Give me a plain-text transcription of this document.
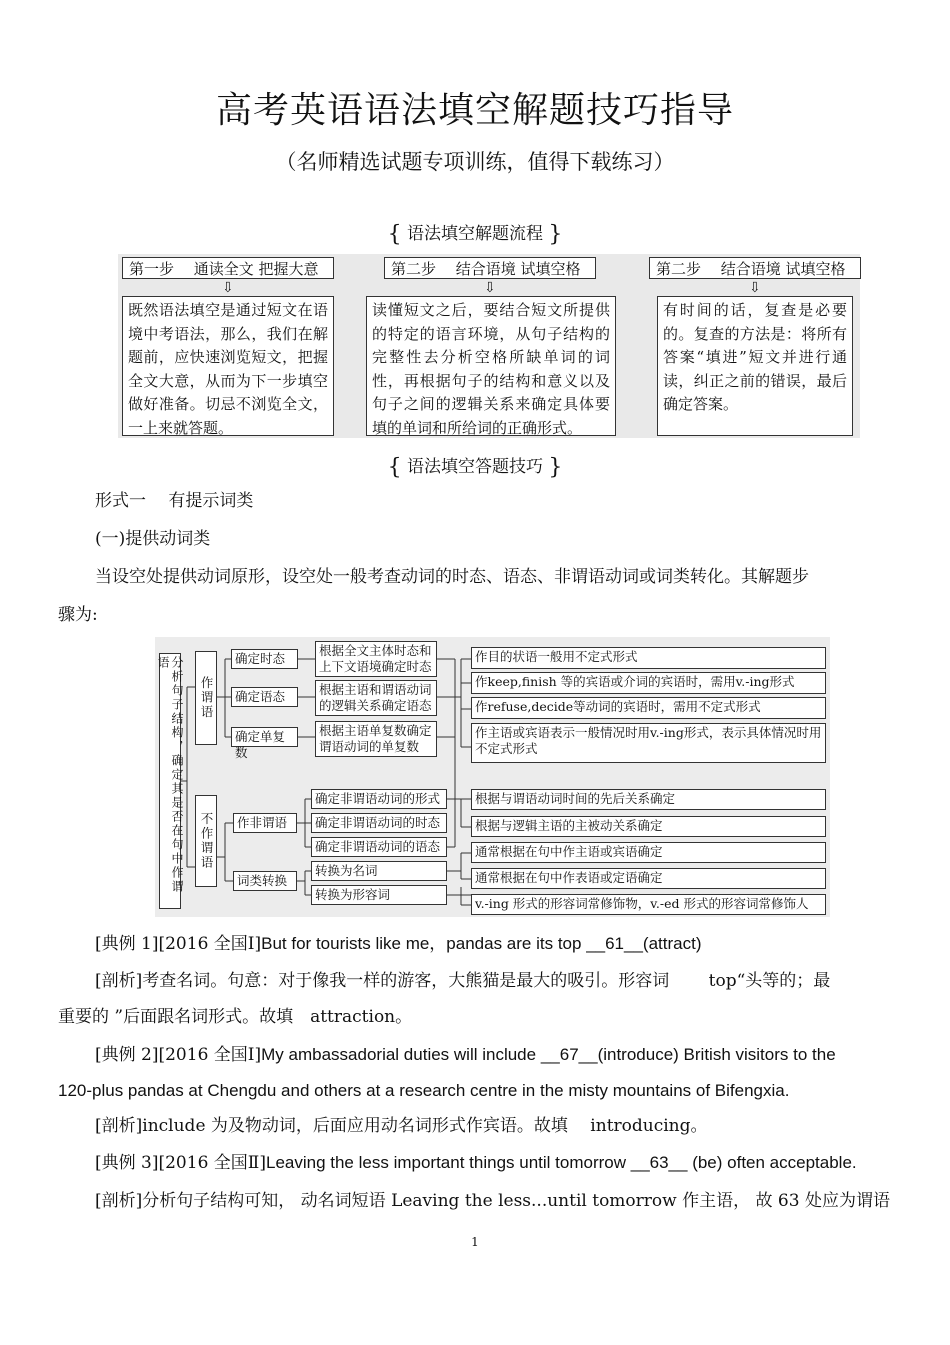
高考英语语法填空解题技巧指导
（名师精选试题专项训练，值得下载练习）
{ 语法填空解题流程 }
第一步　 通读全文 把握大意
⇩
既然语法填空是通过短文在语境中考语法，那么，我们在解题前，应快速浏览短文，把握全文大意，从而为下一步填空做好准备。切忌不浏览全文，一上来就答题。
第二步　 结合语境 试填空格
⇩
读懂短文之后，要结合短文所提供的特定的语言环境，从句子结构的完整性去分析空格所缺单词的词性，再根据句子的结构和意义以及句子之间的逻辑关系来确定具体要填的单词和所给词的正确形式。
第二步　 结合语境 试填空格
⇩
有时间的话，复查是必要的。复查的方法是：将所有答案“填进”短文并进行通读，纠正之前的错误，最后确定答案。
{ 语法填空答题技巧 }
形式一　 有提示词类
(一)提供动词类
当设空处提供动词原形，设空处一般考查动词的时态、语态、非谓语动词或词类转化。其解题步
骤为:
分析句子结构，确定其是否在句中作谓语
作谓语
不作谓语
确定时态
确定语态
确定单复数
根据全文主体时态和上下文语境确定时态
根据主语和谓语动词的逻辑关系确定语态
根据主语单复数确定谓语动词的单复数
作非谓语
词类转换
确定非谓语动词的形式
确定非谓语动词的时态
确定非谓语动词的语态
转换为名词
转换为形容词
作目的状语一般用不定式形式
作keep,finish 等的宾语或介词的宾语时，需用v.-ing形式
作refuse,decide等动词的宾语时，需用不定式形式
作主语或宾语表示一般情况时用v.-ing形式，表示具体情况时用不定式形式
根据与谓语动词时间的先后关系确定
根据与逻辑主语的主被动关系确定
通常根据在句中作主语或宾语确定
通常根据在句中作表语或定语确定
v.-ing 形式的形容词常修饰物，v.-ed 形式的形容词常修饰人
[典例 1][2016 全国Ⅰ]But for tourists like me，pandas are its top __61__(attract)
[剖析]考查名词。句意：对于像我一样的游客，大熊猫是最大的吸引。形容词　　 top“头等的；最
重要的 ”后面跟名词形式。故填　attraction。
[典例 2][2016 全国Ⅰ]My ambassadorial duties will include __67__(introduce) British visitors to the
120-plus pandas at Chengdu and others at a research centre in the misty mountains of Bifengxia.
[剖析]include 为及物动词，后面应用动名词形式作宾语。故填　 introducing。
[典例 3][2016 全国Ⅱ]Leaving the less important things until tomorrow __63__ (be) often acceptable.
[剖析]分析句子结构可知， 动名词短语 Leaving the less...until tomorrow 作主语， 故 63 处应为谓语
1
